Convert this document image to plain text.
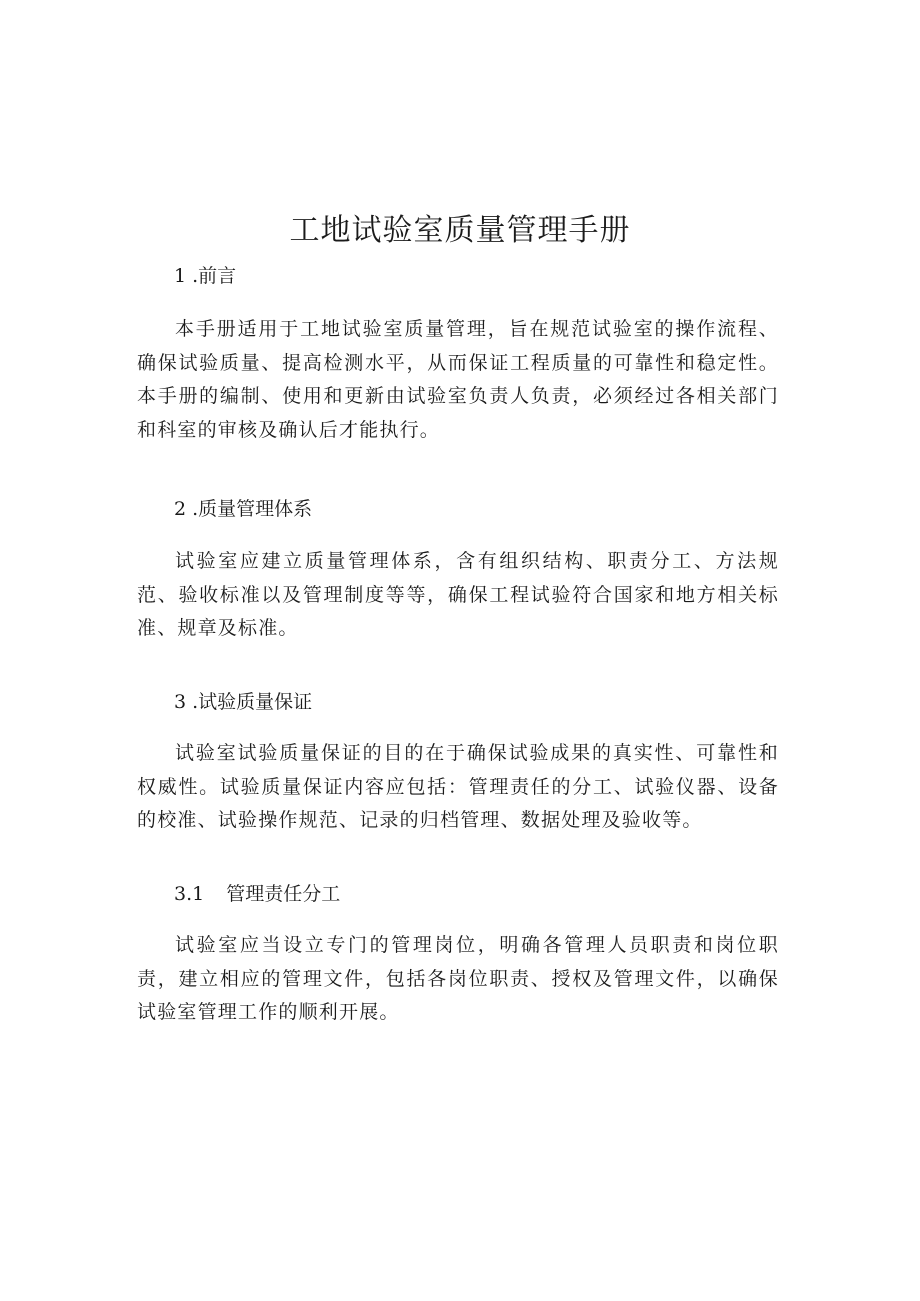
工地试验室质量管理手册

1 .前言

本手册适用于工地试验室质量管理，旨在规范试验室的操作流程、确保试验质量、提高检测水平，从而保证工程质量的可靠性和稳定性。本手册的编制、使用和更新由试验室负责人负责，必须经过各相关部门和科室的审核及确认后才能执行。

2 .质量管理体系

试验室应建立质量管理体系，含有组织结构、职责分工、方法规范、验收标准以及管理制度等等，确保工程试验符合国家和地方相关标准、规章及标准。

3 .试验质量保证

试验室试验质量保证的目的在于确保试验成果的真实性、可靠性和权威性。试验质量保证内容应包括：管理责任的分工、试验仪器、设备的校准、试验操作规范、记录的归档管理、数据处理及验收等。

3.1 管理责任分工

试验室应当设立专门的管理岗位，明确各管理人员职责和岗位职责，建立相应的管理文件，包括各岗位职责、授权及管理文件，以确保试验室管理工作的顺利开展。
